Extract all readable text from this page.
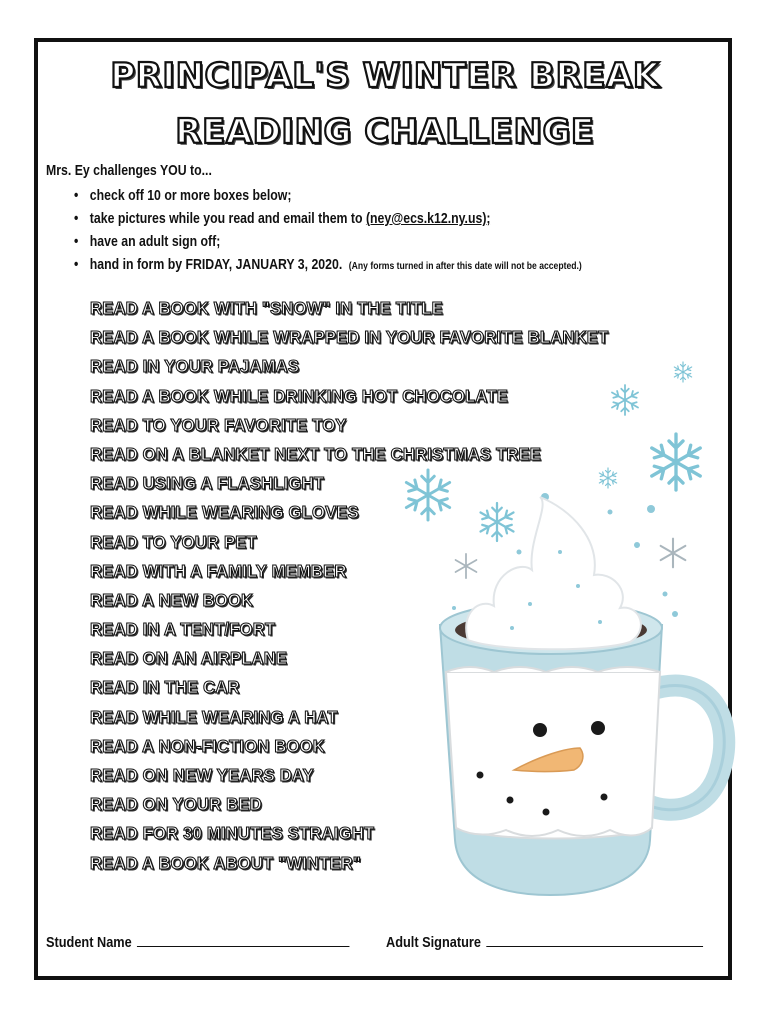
PRINCIPAL'S WINTER BREAK
READING CHALLENGE
Mrs. Ey challenges YOU to...
• check off 10 or more boxes below;
• take pictures while you read and email them to (ney@ecs.k12.ny.us);
• have an adult sign off;
• hand in form by FRIDAY, JANUARY 3, 2020. (Any forms turned in after this date will not be accepted.)
READ A BOOK WITH "SNOW" IN THE TITLE
READ A BOOK WHILE WRAPPED IN YOUR FAVORITE BLANKET
READ IN YOUR PAJAMAS
READ A BOOK WHILE DRINKING HOT CHOCOLATE
READ TO YOUR FAVORITE TOY
READ ON A BLANKET NEXT TO THE CHRISTMAS TREE
READ USING A FLASHLIGHT
READ WHILE WEARING GLOVES
READ TO YOUR PET
READ WITH A FAMILY MEMBER
READ A NEW BOOK
READ IN A TENT/FORT
READ ON AN AIRPLANE
READ IN THE CAR
READ WHILE WEARING A HAT
READ A NON-FICTION BOOK
READ ON NEW YEARS DAY
READ ON YOUR BED
READ FOR 30 MINUTES STRAIGHT
READ A BOOK ABOUT "WINTER"
Student Name	Adult Signature
